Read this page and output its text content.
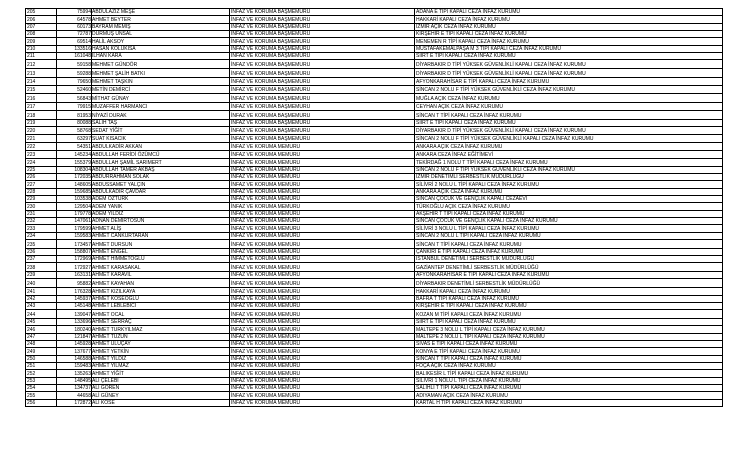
205	75994	ABDULAZİZ MEŞE	İNFAZ VE KORUMA BAŞMEMURU	ADANA E TİPİ KAPALI CEZA İNFAZ KURUMU
206	64578	AHMET BEYTER	İNFAZ VE KORUMA BAŞMEMURU	HAKKARİ KAPALI CEZA İNFAZ KURUMU
207	60173	BAYRAM MEMİŞ	İNFAZ VE KORUMA BAŞMEMURU	İZMİR AÇIK CEZA İNFAZ KURUMU
208	72787	DURMUŞ ÜNSAL	İNFAZ VE KORUMA BAŞMEMURU	KIRŞEHİR E TİPİ KAPALI CEZA İNFAZ KURUMU
209	69514	HALİL AKSOY	İNFAZ VE KORUMA BAŞMEMURU	MENEMEN R TİPİ KAPALI CEZA İNFAZ KURUMU
210	133516	HASAN KOLUKISA	İNFAZ VE KORUMA BAŞMEMURU	MUSTAFAKEMALPAŞA M 3 TİPİ KAPALI CEZA İNFAZ KURUMU
211	161048	İLHAN KARA	İNFAZ VE KORUMA BAŞMEMURU	SİİRT E TİPİ KAPALI CEZA İNFAZ KURUMU
212	59158	MEHMET GÜNDÖR	İNFAZ VE KORUMA BAŞMEMURU	DİYARBAKIR D TİPİ YÜKSEK GÜVENLİKLİ KAPALI CEZA İNFAZ KURUMU
213	59288	MEHMET ŞALİH BATKI	İNFAZ VE KORUMA BAŞMEMURU	DİYARBAKIR D TİPİ YÜKSEK GÜVENLİKLİ KAPALI CEZA İNFAZ KURUMU
214	79650	MEHMET TAŞKIN	İNFAZ VE KORUMA BAŞMEMURU	AFYONKARAHİSAR E TİPİ KAPALI CEZA İNFAZ KURUMU
215	52460	METİN DEMİRCİ	İNFAZ VE KORUMA BAŞMEMURU	SİNCAN 2 NOLU F TİPİ YÜKSEK GÜVENLİKLİ CEZA İNFAZ KURUMU
216	56843	MİTHAT GÜNAY	İNFAZ VE KORUMA BAŞMEMURU	MUĞLA AÇIK CEZA İNFAZ KURUMU
217	79915	MUZAFFER HARMANCI	İNFAZ VE KORUMA BAŞMEMURU	CEYHAN AÇIK CEZA İNFAZ KURUMU
218	81953	NİYAZİ DURAK	İNFAZ VE KORUMA BAŞMEMURU	SİNCAN T TİPİ KAPALI CEZA İNFAZ KURUMU
219	80088	SALİH TAŞ	İNFAZ VE KORUMA BAŞMEMURU	SİİRT E TİPİ KAPALI CEZA İNFAZ KURUMU
220	58768	SEDAT YİĞİT	İNFAZ VE KORUMA BAŞMEMURU	DİYARBAKIR D TİPİ YÜKSEK GÜVENLİKLİ KAPALI CEZA İNFAZ KURUMU
221	63297	SUAT KISACIK	İNFAZ VE KORUMA BAŞMEMURU	SİNCAN 2 NOLU F TİPİ YÜKSEK GÜVENLİKLİ KAPALI CEZA İNFAZ KURUMU
222	54351	ABDULKADİR AKKAN	İNFAZ VE KORUMA MEMURU	ANKARA AÇIK CEZA İNFAZ KURUMU
223	145234	ABDULLAH FERİDİ ÖZÜMCÜ	İNFAZ VE KORUMA MEMURU	ANKARA CEZA İNFAZ EĞİTİMEVİ
224	155379	ABDULLAH ŞAMİL SARIMERT	İNFAZ VE KORUMA MEMURU	TEKİRDAĞ 1 NOLU T TİPİ KAPALI CEZA İNFAZ KURUMU
225	108304	ABDULLAH TAMER AKBAŞ	İNFAZ VE KORUMA MEMURU	SİNCAN 2 NOLU F TİPİ YÜKSEK GÜVENLİKLİ CEZA İNFAZ KURUMU
226	172035	ABDURRAHMAN SOLAK	İNFAZ VE KORUMA MEMURU	İZMİR DENETİMLİ SERBESTLİK MÜDÜRLÜĞÜ
227	148605	ABDUSSAMET YALÇIN	İNFAZ VE KORUMA MEMURU	SİLİVRİ 2 NOLU L TİPİ KAPALI CEZA İNFAZ KURUMU
228	159685	ABDULKADİR ÇAVDAR	İNFAZ VE KORUMA MEMURU	ANKARA AÇIK CEZA İNFAZ KURUMU
229	103538	ADEM ÖZTÜRK	İNFAZ VE KORUMA MEMURU	SİNCAN ÇOCUK VE GENÇLİK KAPALI CEZAEVİ
230	129504	ADEM YANIK	İNFAZ VE KORUMA MEMURU	TÜRKOĞLU AÇIK CEZA İNFAZ KURUMU
231	179778	ADEM YILDIZ	İNFAZ VE KORUMA MEMURU	AKŞEHİR T TİPİ KAPALI CEZA İNFAZ KURUMU
232	147061	ADNAN DEMİRTOSUN	İNFAZ VE KORUMA MEMURU	SİNCAN ÇOCUK VE GENÇLİK KAPALI CEZA İNFAZ KURUMU
233	179599	AHMET ALİŞ	İNFAZ VE KORUMA MEMURU	SİLİVRİ 3 NOLU L TİPİ KAPALI CEZA İNFAZ KURUMU
234	159583	AHMET CANKURTARAN	İNFAZ VE KORUMA MEMURU	SİNCAN 2 NOLU L TİPİ KAPALI CEZA İNFAZ KURUMU
235	173457	AHMET DURSUN	İNFAZ VE KORUMA MEMURU	SİNCAN T TİPİ KAPALI CEZA İNFAZ KURUMU
236	158807	AHMET ENGEL	İNFAZ VE KORUMA MEMURU	ÇANKIRI E TİPİ KAPALI CEZA İNFAZ KURUMU
237	172969	AHMET HİMMETOĞLU	İNFAZ VE KORUMA MEMURU	İSTANBUL DENETİMLİ SERBESTLİK MÜDÜRLÜĞÜ
238	172927	AHMET KARASAKAL	İNFAZ VE KORUMA MEMURU	GAZİANTEP DENETİMLİ SERBESTLİK MÜDÜRLÜĞÜ
239	163131	AHMET KARAVİL	İNFAZ VE KORUMA MEMURU	AFYONKARAHİSAR E TİPİ KAPALI CEZA İNFAZ KURUMU
240	95882	AHMET KAYAHAN	İNFAZ VE KORUMA MEMURU	DİYARBAKIR DENETİMLİ SERBESTLİK MÜDÜRLÜĞÜ
241	176328	AHMET KIZILKAYA	İNFAZ VE KORUMA MEMURU	HAKKARİ KAPALI CEZA İNFAZ KURUMU
242	145937	AHMET KOSEOĞLU	İNFAZ VE KORUMA MEMURU	BAFRA T TİPİ KAPALI CEZA İNFAZ KURUMU
243	145148	AHMET LEBLEBİCİ	İNFAZ VE KORUMA MEMURU	KIRŞEHİR E TİPİ KAPALI CEZA İNFAZ KURUMU
244	139047	AHMET OCAL	İNFAZ VE KORUMA MEMURU	KOZAN M TİPİ KAPALI CEZA İNFAZ KURUMU
245	133696	AHMET SERRAÇ	İNFAZ VE KORUMA MEMURU	SİİRT E TİPİ KAPALI CEZA İNFAZ KURUMU
246	180240	AHMET TURKYILMAZ	İNFAZ VE KORUMA MEMURU	MALTEPE 3 NOLU L TİPİ KAPALI CEZA İNFAZ KURUMU
247	121847	AHMET TUZUN	İNFAZ VE KORUMA MEMURU	MALTEPE 2 NOLU L TİPİ KAPALI CEZA İNFAZ KURUMU
248	145928	AHMET ULUÇAY	İNFAZ VE KORUMA MEMURU	SİVAS E TİPİ KAPALI CEZA İNFAZ KURUMU
249	137677	AHMET YETKİN	İNFAZ VE KORUMA MEMURU	KONYA E TİPİ KAPALI CEZA İNFAZ KURUMU
250	146588	AHMET YILDIZ	İNFAZ VE KORUMA MEMURU	SİNCAN T TİPİ KAPALI CEZA İNFAZ KURUMU
251	159483	AHMET YILMAZ	İNFAZ VE KORUMA MEMURU	FOÇA AÇIK CEZA İNFAZ KURUMU
252	135263	AHMET YİĞİT	İNFAZ VE KORUMA MEMURU	BALIKESİR L TİPİ KAPALI CEZA İNFAZ KURUMU
253	148495	ALİ ÇELEBİ	İNFAZ VE KORUMA MEMURU	SİLİVRİ 1 NOLU L TİPİ CEZA İNFAZ KURUMU
254	134737	ALİ GÖREN	İNFAZ VE KORUMA MEMURU	SALİHLİ T TİPİ KAPALI CEZA İNFAZ KURUMU
255	44658	ALİ GÜNEY	İNFAZ VE KORUMA MEMURU	ADIYAMAN AÇIK CEZA İNFAZ KURUMU
256	172872	ALİ KÖSE	İNFAZ VE KORUMA MEMURU	KARTAL H TİPİ KAPALI CEZA İNFAZ KURUMU
